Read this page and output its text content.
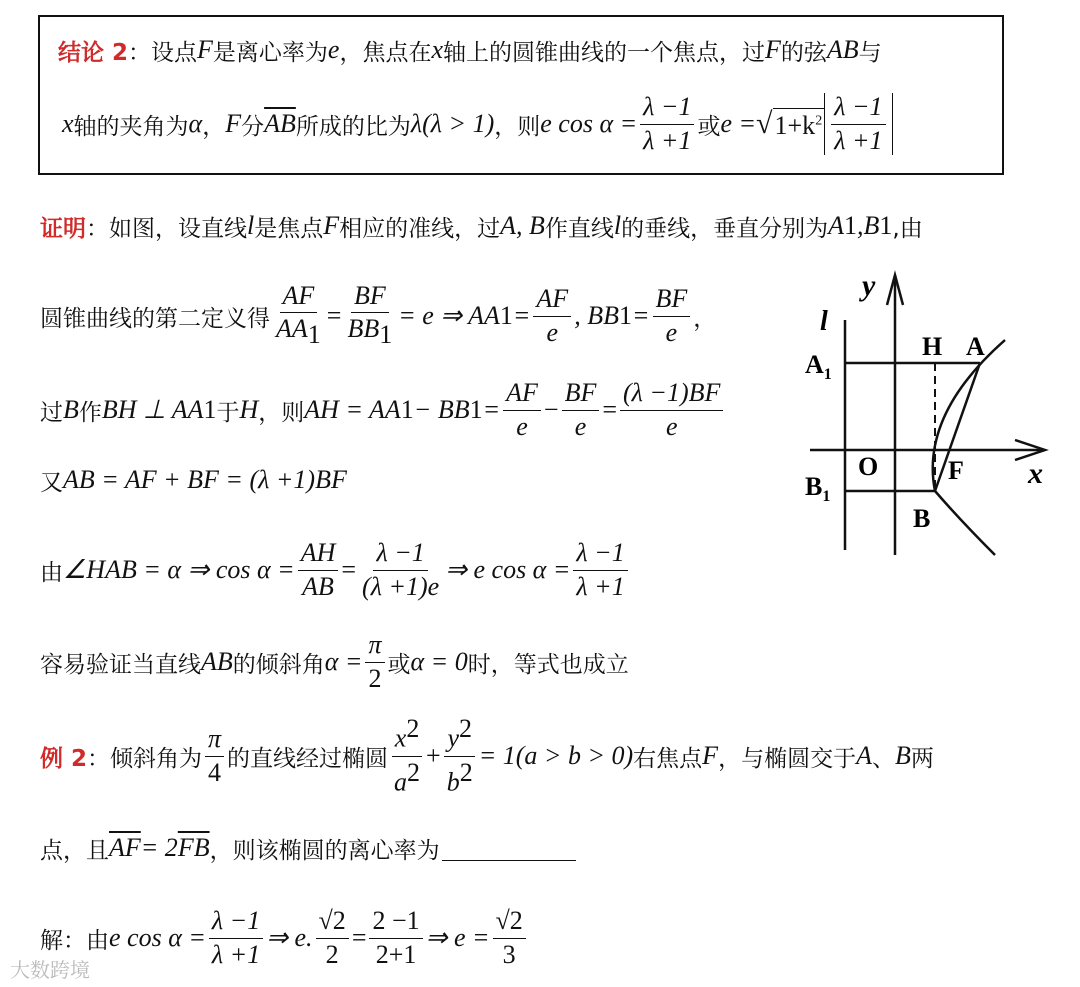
结论 2 ：设点 F 是离心率为 e ，焦点在 x 轴上的圆锥曲线的一个焦点，过 F 的弦 AB 与
x 轴的夹角为 α ， F 分 $\overline{AB}$ 所成的比为 λ(λ > 1) ，则 e $\cos \alpha = \frac{\lambda -1}{\lambda +1}$ 或 e = √ $1+k^2 \frac{\lambda -1}{\lambda +1}$
证明 ：如图，设直线 l 是焦点 F 相应的准线，过 A, B 作直线 l 的垂线，垂直分别为 A 1 , B 1 ,由
圆锥曲线的第二定义得 $\frac{AF}{AA_1} = \frac{BF}{BB_1} = e$ ⇒ AA $1 = \frac{AF}{e}$ , BB $1 = \frac{BF}{e}$ ，
过 B 作 BH ⊥ AA 1 于 H ，则 AH = AA 1 − BB $1 = \frac{AF}{e} - \frac{BF}{e} = \frac{(\lambda -1)BF}{e}$
又 AB = AF + BF = (λ +1)BF
由 ∠HAB = α ⇒ $\cos \alpha = \frac{AH}{AB} = \frac{\lambda -1}{(\lambda +1)e}$ ⇒ e $\cos \alpha = \frac{\lambda -1}{\lambda +1}$
容易验证当直线 AB 的倾斜角 $\alpha = \frac{\pi}{2}$ 或 α = 0 时，等式也成立
例 2 ：倾斜角为 $\frac{\pi}{4}$ 的直线经过椭圆 $\frac{x^2}{a^2} + \frac{y^2}{b^2} = 1(a > b > 0)$ 右焦点 F ，与椭圆交于 A 、 B 两
点，且 $\overline{AF} = 2$ $\overline{FB}$ ，则该椭圆的离心率为
解：由 e $\cos \alpha = \frac{\lambda -1}{\lambda +1}$ ⇒ e. $\frac{√2}{2} = \frac{2 -1}{2+1}$ ⇒ $e = \frac{√2}{3}$
y
l
$A_1$
H A
O	F x
$B_1$
B
大数跨境
